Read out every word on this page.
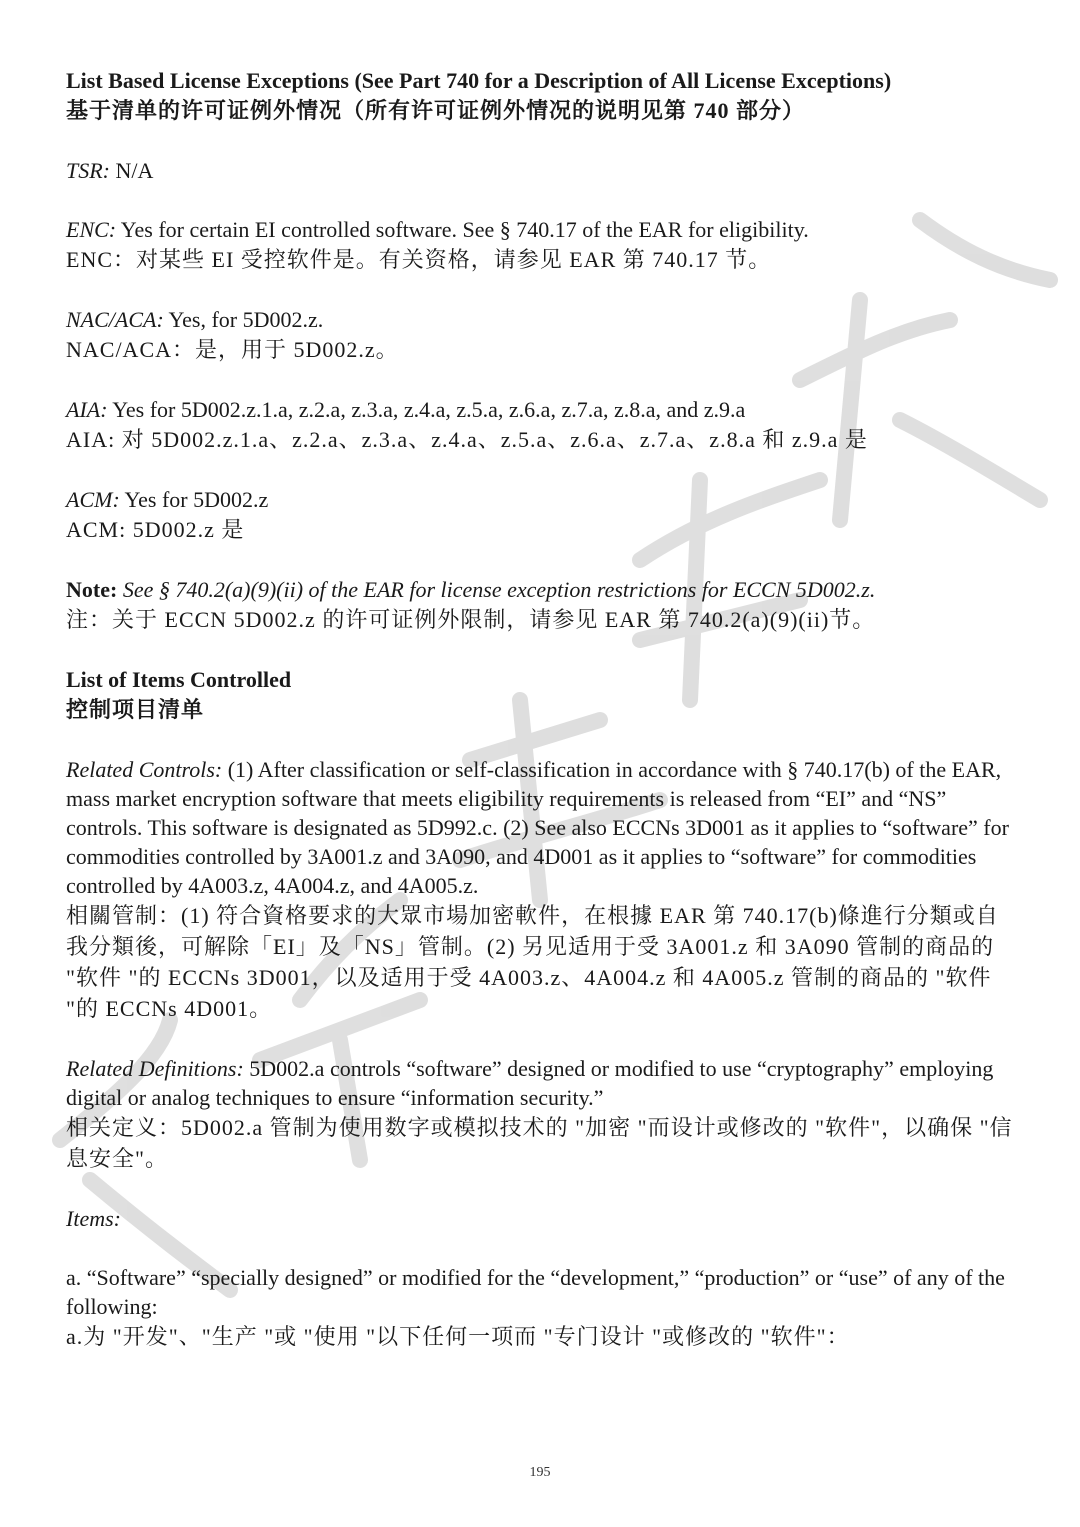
List Based License Exceptions (See Part 740 for a Description of All License Exceptions)

基于清单的许可证例外情况（所有许可证例外情况的说明见第 740 部分）

TSR: N/A

ENC: Yes for certain EI controlled software. See § 740.17 of the EAR for eligibility.

ENC：对某些 EI 受控软件是。有关资格，请参见 EAR 第 740.17 节。

NAC/ACA: Yes, for 5D002.z.

NAC/ACA：是，用于 5D002.z。

AIA: Yes for 5D002.z.1.a, z.2.a, z.3.a, z.4.a, z.5.a, z.6.a, z.7.a, z.8.a, and z.9.a

AIA: 对 5D002.z.1.a、z.2.a、z.3.a、z.4.a、z.5.a、z.6.a、z.7.a、z.8.a 和 z.9.a 是

ACM: Yes for 5D002.z

ACM: 5D002.z 是

Note: See § 740.2(a)(9)(ii) of the EAR for license exception restrictions for ECCN 5D002.z.

注：关于 ECCN 5D002.z 的许可证例外限制，请参见 EAR 第 740.2(a)(9)(ii)节。

List of Items Controlled

控制项目清单

Related Controls: (1) After classification or self-classification in accordance with § 740.17(b) of the EAR, mass market encryption software that meets eligibility requirements is released from “EI” and “NS” controls. This software is designated as 5D992.c. (2) See also ECCNs 3D001 as it applies to “software” for commodities controlled by 3A001.z and 3A090, and 4D001 as it applies to “software” for commodities controlled by 4A003.z, 4A004.z, and 4A005.z.

相關管制：(1) 符合資格要求的大眾市場加密軟件，在根據 EAR 第 740.17(b)條進行分類或自我分類後，可解除「EI」及「NS」管制。(2) 另见适用于受 3A001.z 和 3A090 管制的商品的 "软件 "的 ECCNs 3D001，以及适用于受 4A003.z、4A004.z 和 4A005.z 管制的商品的 "软件 "的 ECCNs 4D001。

Related Definitions: 5D002.a controls “software” designed or modified to use “cryptography” employing digital or analog techniques to ensure “information security.”

相关定义：5D002.a 管制为使用数字或模拟技术的 "加密 "而设计或修改的 "软件"，以确保 "信息安全"。

Items:

a. “Software” “specially designed” or modified for the “development,” “production” or “use” of any of the following:

a.为 "开发"、"生产 "或 "使用 "以下任何一项而 "专门设计 "或修改的 "软件"：

195
